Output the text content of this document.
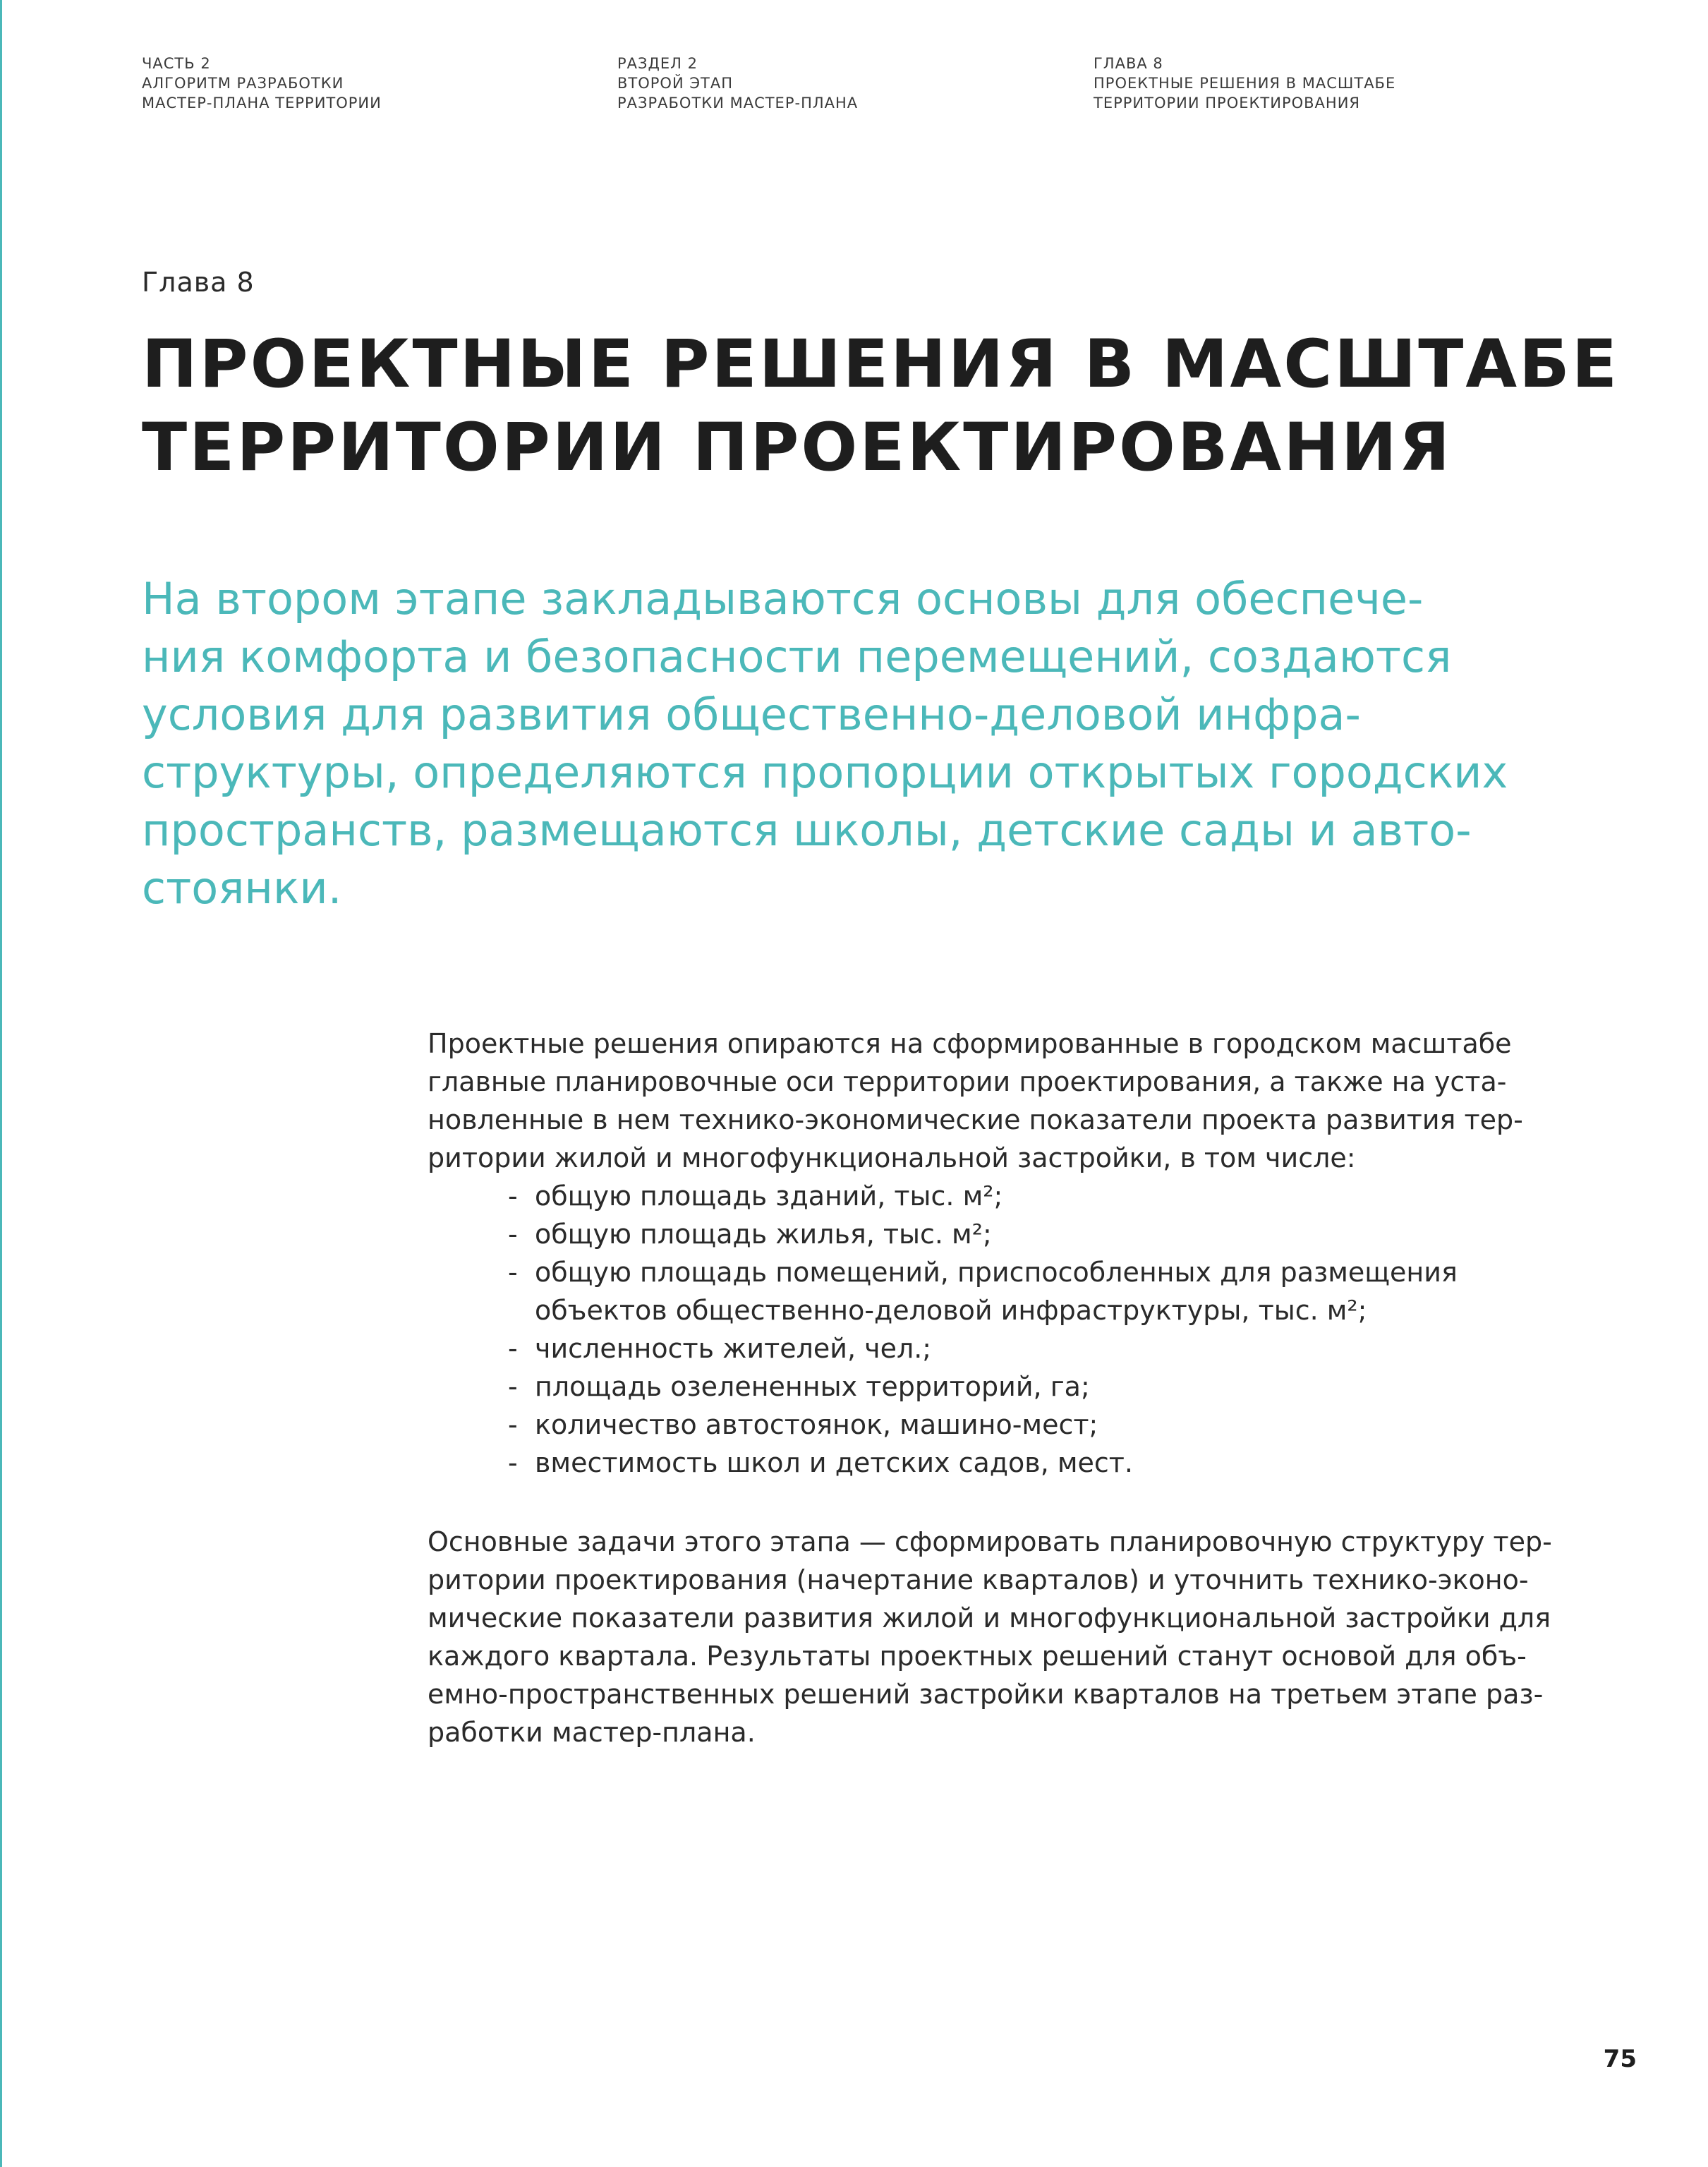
ЧАСТЬ 2
АЛГОРИТМ РАЗРАБОТКИ
МАСТЕР-ПЛАНА ТЕРРИТОРИИ
РАЗДЕЛ 2
ВТОРОЙ ЭТАП
РАЗРАБОТКИ МАСТЕР-ПЛАНА
ГЛАВА 8
ПРОЕКТНЫЕ РЕШЕНИЯ В МАСШТАБЕ
ТЕРРИТОРИИ ПРОЕКТИРОВАНИЯ
Глава 8
ПРОЕКТНЫЕ РЕШЕНИЯ В МАСШТАБЕ
ТЕРРИТОРИИ ПРОЕКТИРОВАНИЯ

На втором этапе закладываются основы для обеспече-
ния комфорта и безопасности перемещений, создаются
условия для развития общественно-деловой инфра-
структуры, определяются пропорции открытых городских
пространств, размещаются школы, детские сады и авто-
стоянки.

Проектные решения опираются на сформированные в городском масштабе
главные планировочные оси территории проектирования, а также на уста-
новленные в нем технико-экономические показатели проекта развития тер-
ритории жилой и многофункциональной застройки, в том числе:

- общую площадь зданий, тыс. м²;
- общую площадь жилья, тыс. м²;
- общую площадь помещений, приспособленных для размещения
объектов общественно-деловой инфраструктуры, тыс. м²;
- численность жителей, чел.;
- площадь озелененных территорий, га;
- количество автостоянок, машино-мест;
- вместимость школ и детских садов, мест.

Основные задачи этого этапа — сформировать планировочную структуру тер-
ритории проектирования (начертание кварталов) и уточнить технико-эконо-
мические показатели развития жилой и многофункциональной застройки для
каждого квартала. Результаты проектных решений станут основой для объ-
емно-пространственных решений застройки кварталов на третьем этапе раз-
работки мастер-плана.

75
